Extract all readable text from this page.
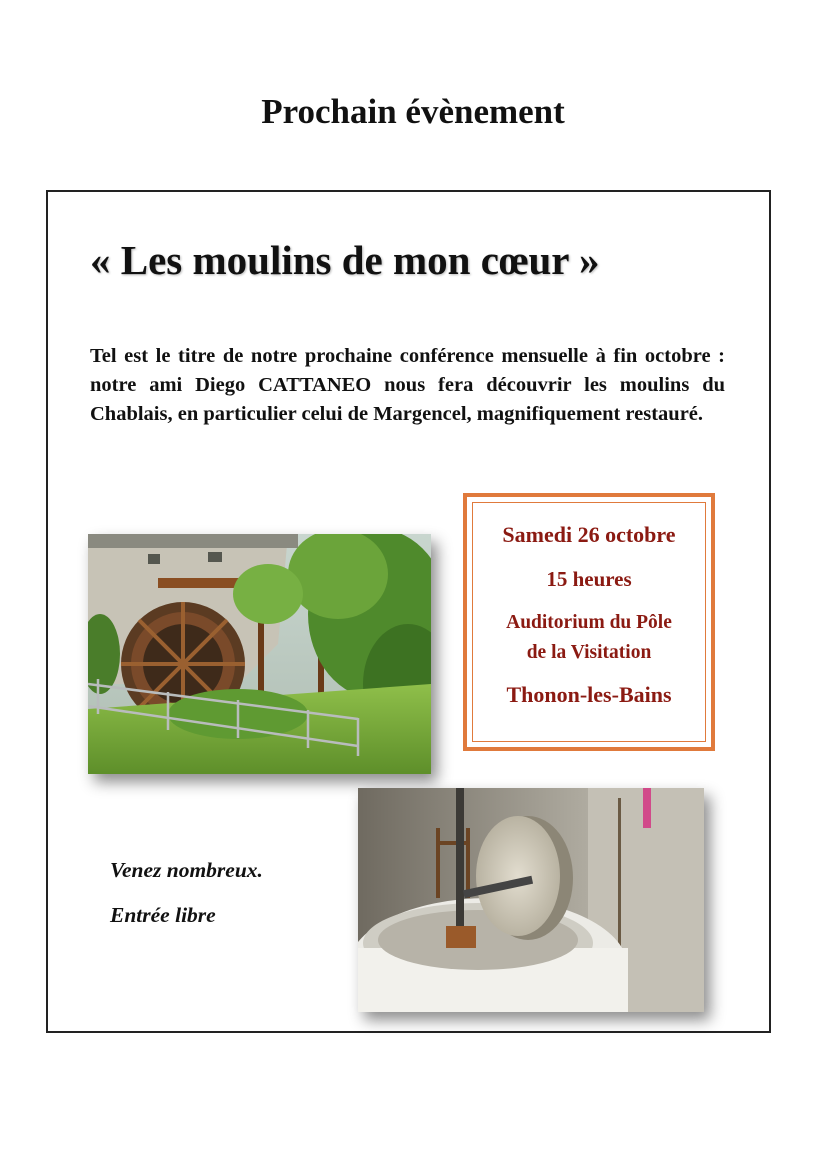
Prochain évènement
« Les moulins de mon cœur »

Tel est le titre de notre prochaine conférence mensuelle à fin octobre : notre ami Diego CATTANEO nous fera découvrir les moulins du Chablais, en particulier celui de Margencel, magnifiquement restauré.

Samedi 26 octobre
15 heures
Auditorium du Pôle
de la Visitation
Thonon-les-Bains
Venez nombreux.
Entrée libre
